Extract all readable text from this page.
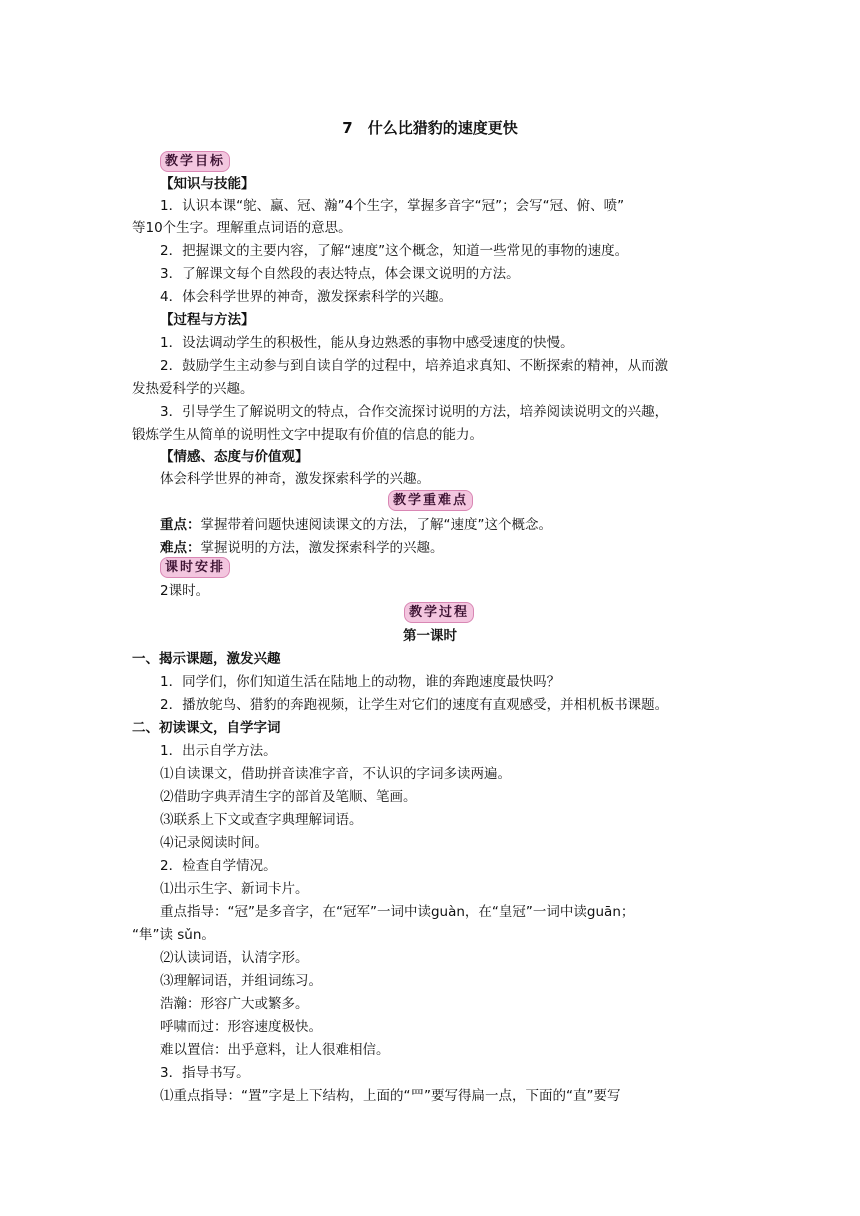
7　什么比猎豹的速度更快
教学目标
【知识与技能】
1．认识本课“鸵、赢、冠、瀚”4个生字，掌握多音字“冠”；会写“冠、俯、喷”
等10个生字。理解重点词语的意思。
2．把握课文的主要内容，了解“速度”这个概念，知道一些常见的事物的速度。
3．了解课文每个自然段的表达特点，体会课文说明的方法。
4．体会科学世界的神奇，激发探索科学的兴趣。
【过程与方法】
1．设法调动学生的积极性，能从身边熟悉的事物中感受速度的快慢。
2．鼓励学生主动参与到自读自学的过程中，培养追求真知、不断探索的精神，从而激
发热爱科学的兴趣。
3．引导学生了解说明文的特点，合作交流探讨说明的方法，培养阅读说明文的兴趣，
锻炼学生从简单的说明性文字中提取有价值的信息的能力。
【情感、态度与价值观】
体会科学世界的神奇，激发探索科学的兴趣。
教学重难点
重点：掌握带着问题快速阅读课文的方法，了解“速度”这个概念。
难点：掌握说明的方法，激发探索科学的兴趣。
课时安排
2课时。
教学过程
第一课时
一、揭示课题，激发兴趣
1．同学们，你们知道生活在陆地上的动物，谁的奔跑速度最快吗？
2．播放鸵鸟、猎豹的奔跑视频，让学生对它们的速度有直观感受，并相机板书课题。
二、初读课文，自学字词
1．出示自学方法。
⑴自读课文，借助拼音读准字音，不认识的字词多读两遍。
⑵借助字典弄清生字的部首及笔顺、笔画。
⑶联系上下文或查字典理解词语。
⑷记录阅读时间。
2．检查自学情况。
⑴出示生字、新词卡片。
重点指导：“冠”是多音字，在“冠军”一词中读guàn，在“皇冠”一词中读guān；
“隼”读 sǔn。
⑵认读词语，认清字形。
⑶理解词语，并组词练习。
浩瀚：形容广大或繁多。
呼啸而过：形容速度极快。
难以置信：出乎意料，让人很难相信。
3．指导书写。
⑴重点指导：“置”字是上下结构，上面的“罒”要写得扁一点，下面的“直”要写
